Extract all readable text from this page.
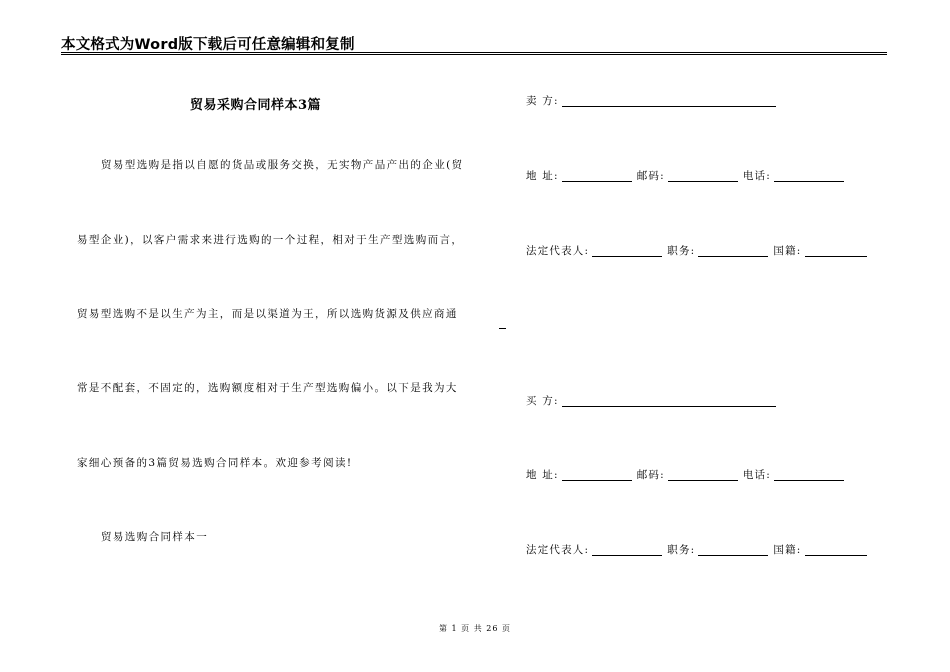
本文格式为Word版下载后可任意编辑和复制
贸易采购合同样本3篇
贸易型选购是指以自愿的货品或服务交换，无实物产品产出的企业(贸
易型企业)，以客户需求来进行选购的一个过程，相对于生产型选购而言，
贸易型选购不是以生产为主，而是以渠道为王，所以选购货源及供应商通
常是不配套，不固定的，选购额度相对于生产型选购偏小。以下是我为大
家细心预备的3篇贸易选购合同样本。欢迎参考阅读!
贸易选购合同样本一
卖 方:
地 址:	邮码:	电话:
法定代表人:	职务:	国籍:
买 方:
地 址:	邮码:	电话:
法定代表人:	职务:	国籍:
第 1 页 共 26 页
